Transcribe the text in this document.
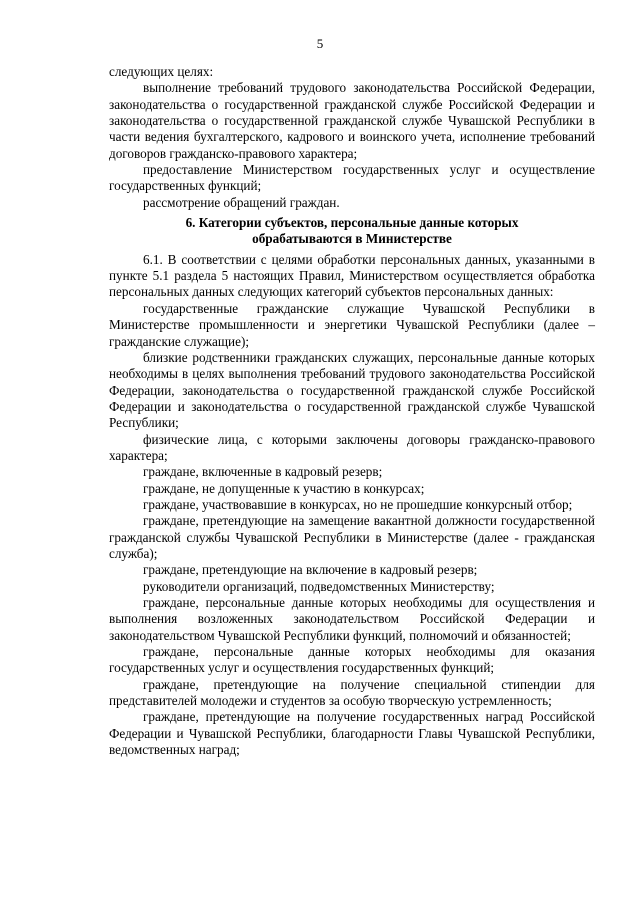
5

следующих целях:

выполнение требований трудового законодательства Российской Федерации, законодательства о государственной гражданской службе Российской Федерации и законодательства о государственной гражданской службе Чувашской Республики в части ведения бухгалтерского, кадрового и воинского учета, исполнение требований договоров гражданско-правового характера;

предоставление Министерством государственных услуг и осуществление государственных функций;

рассмотрение обращений граждан.

6. Категории субъектов, персональные данные которых
обрабатываются в Министерстве

6.1. В соответствии с целями обработки персональных данных, указанными в пункте 5.1 раздела 5 настоящих Правил, Министерством осуществляется обработка персональных данных следующих категорий субъектов персональных данных:

государственные гражданские служащие Чувашской Республики в Министерстве промышленности и энергетики Чувашской Республики (далее – гражданские служащие);

близкие родственники гражданских служащих, персональные данные которых необходимы в целях выполнения требований трудового законодательства Российской Федерации, законодательства о государственной гражданской службе Российской Федерации и законодательства о государственной гражданской службе Чувашской Республики;

физические лица, с которыми заключены договоры гражданско-правового характера;

граждане, включенные в кадровый резерв;

граждане, не допущенные к участию в конкурсах;

граждане, участвовавшие в конкурсах, но не прошедшие конкурсный отбор;

граждане, претендующие на замещение вакантной должности государственной гражданской службы Чувашской Республики в Министерстве (далее - гражданская служба);

граждане, претендующие на включение в кадровый резерв;

руководители организаций, подведомственных Министерству;

граждане, персональные данные которых необходимы для осуществления и выполнения возложенных законодательством Российской Федерации и законодательством Чувашской Республики функций, полномочий и обязанностей;

граждане, персональные данные которых необходимы для оказания государственных услуг и осуществления государственных функций;

граждане, претендующие на получение специальной стипендии для представителей молодежи и студентов за особую творческую устремленность;

граждане, претендующие на получение государственных наград Российской Федерации и Чувашской Республики, благодарности Главы Чувашской Республики, ведомственных наград;
